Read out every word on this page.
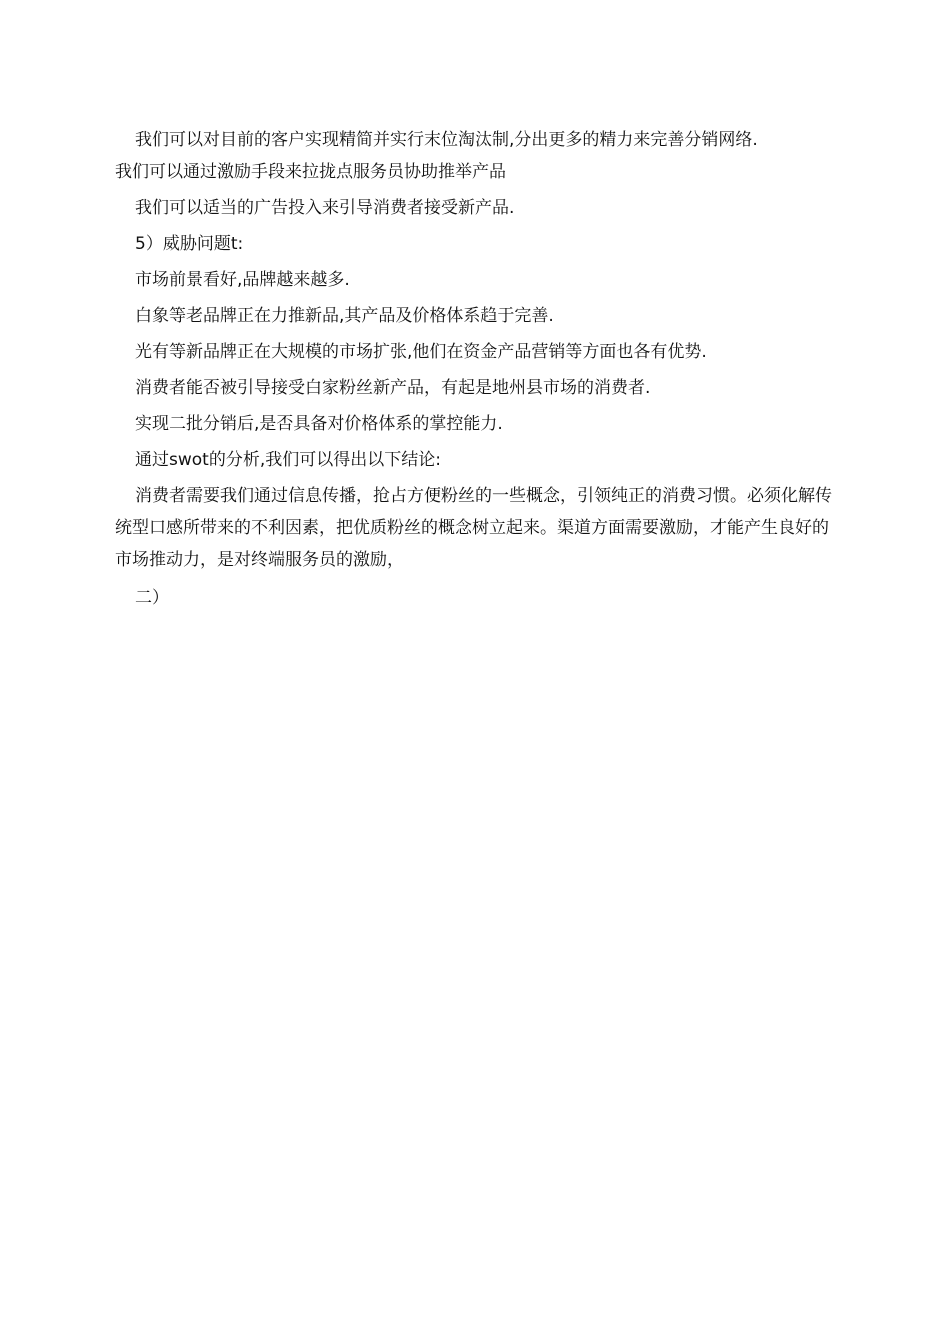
我们可以对目前的客户实现精简并实行末位淘汰制,分出更多的精力来完善分销网络.

我们可以通过激励手段来拉拢点服务员协助推举产品

我们可以适当的广告投入来引导消费者接受新产品.

5）威胁问题t:

市场前景看好,品牌越来越多.

白象等老品牌正在力推新品,其产品及价格体系趋于完善.

光有等新品牌正在大规模的市场扩张,他们在资金产品营销等方面也各有优势.

消费者能否被引导接受白家粉丝新产品，有起是地州县市场的消费者.

实现二批分销后,是否具备对价格体系的掌控能力.

通过swot的分析,我们可以得出以下结论:

消费者需要我们通过信息传播，抢占方便粉丝的一些概念，引领纯正的消费习惯。必须化解传统型口感所带来的不利因素，把优质粉丝的概念树立起来。渠道方面需要激励，才能产生良好的市场推动力，是对终端服务员的激励，

二）
